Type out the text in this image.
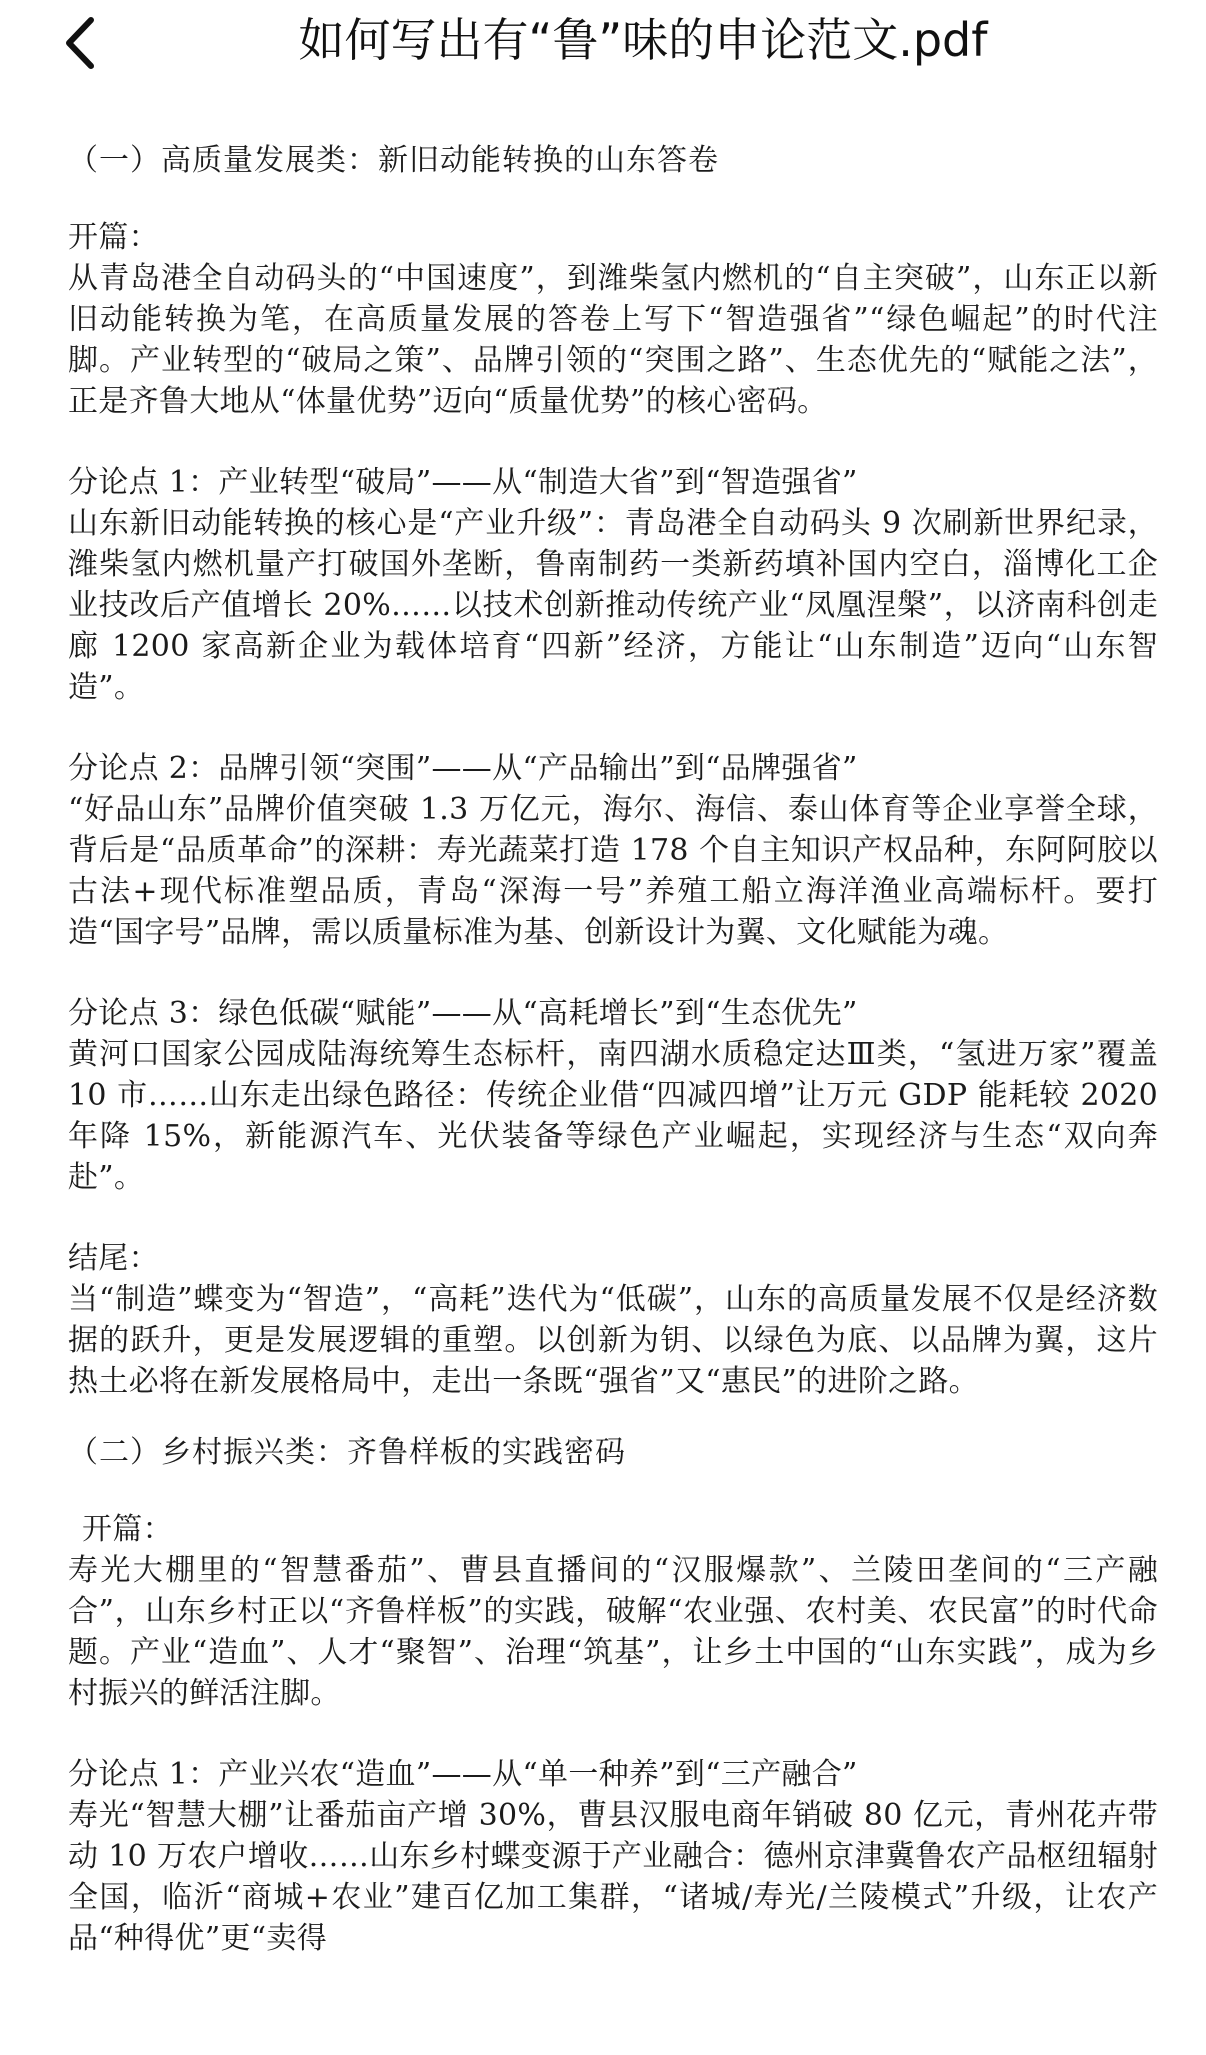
如何写出有“鲁”味的申论范文.pdf

（一）高质量发展类：新旧动能转换的山东答卷

开篇：

从青岛港全自动码头的“中国速度”，到潍柴氢内燃机的“自主突破”，山东正以新旧动能转换为笔，在高质量发展的答卷上写下“智造强省”“绿色崛起”的时代注脚。产业转型的“破局之策”、品牌引领的“突围之路”、生态优先的“赋能之法”，正是齐鲁大地从“体量优势”迈向“质量优势”的核心密码。

分论点 1：产业转型“破局”——从“制造大省”到“智造强省”

山东新旧动能转换的核心是“产业升级”：青岛港全自动码头 9 次刷新世界纪录，潍柴氢内燃机量产打破国外垄断，鲁南制药一类新药填补国内空白，淄博化工企业技改后产值增长 20%……以技术创新推动传统产业“凤凰涅槃”，以济南科创走廊 1200 家高新企业为载体培育“四新”经济，方能让“山东制造”迈向“山东智造”。

分论点 2：品牌引领“突围”——从“产品输出”到“品牌强省”

“好品山东”品牌价值突破 1.3 万亿元，海尔、海信、泰山体育等企业享誉全球，背后是“品质革命”的深耕：寿光蔬菜打造 178 个自主知识产权品种，东阿阿胶以古法+现代标准塑品质，青岛“深海一号”养殖工船立海洋渔业高端标杆。要打造“国字号”品牌，需以质量标准为基、创新设计为翼、文化赋能为魂。

分论点 3：绿色低碳“赋能”——从“高耗增长”到“生态优先”

黄河口国家公园成陆海统筹生态标杆，南四湖水质稳定达Ⅲ类，“氢进万家”覆盖 10 市……山东走出绿色路径：传统企业借“四减四增”让万元 GDP 能耗较 2020 年降 15%，新能源汽车、光伏装备等绿色产业崛起，实现经济与生态“双向奔赴”。

结尾：

当“制造”蝶变为“智造”，“高耗”迭代为“低碳”，山东的高质量发展不仅是经济数据的跃升，更是发展逻辑的重塑。以创新为钥、以绿色为底、以品牌为翼，这片热土必将在新发展格局中，走出一条既“强省”又“惠民”的进阶之路。

（二）乡村振兴类：齐鲁样板的实践密码

开篇：

寿光大棚里的“智慧番茄”、曹县直播间的“汉服爆款”、兰陵田垄间的“三产融合”，山东乡村正以“齐鲁样板”的实践，破解“农业强、农村美、农民富”的时代命题。产业“造血”、人才“聚智”、治理“筑基”，让乡土中国的“山东实践”，成为乡村振兴的鲜活注脚。

分论点 1：产业兴农“造血”——从“单一种养”到“三产融合”

寿光“智慧大棚”让番茄亩产增 30%，曹县汉服电商年销破 80 亿元，青州花卉带动 10 万农户增收……山东乡村蝶变源于产业融合：德州京津冀鲁农产品枢纽辐射全国，临沂“商城+农业”建百亿加工集群，“诸城/寿光/兰陵模式”升级，让农产品“种得优”更“卖得
